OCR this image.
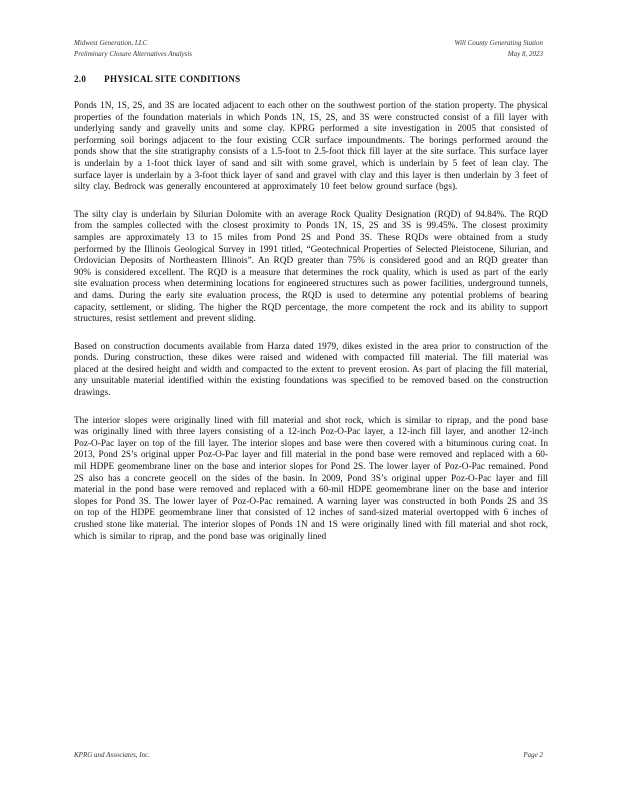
Midwest Generation, LLC
Preliminary Closure Alternatives Analysis
Will County Generating Station
May 8, 2023
2.0 PHYSICAL SITE CONDITIONS

Ponds 1N, 1S, 2S, and 3S are located adjacent to each other on the southwest portion of the station property. The physical properties of the foundation materials in which Ponds 1N, 1S, 2S, and 3S were constructed consist of a fill layer with underlying sandy and gravelly units and some clay. KPRG performed a site investigation in 2005 that consisted of performing soil borings adjacent to the four existing CCR surface impoundments. The borings performed around the ponds show that the site stratigraphy consists of a 1.5-foot to 2.5-foot thick fill layer at the site surface. This surface layer is underlain by a 1-foot thick layer of sand and silt with some gravel, which is underlain by 5 feet of lean clay. The surface layer is underlain by a 3-foot thick layer of sand and gravel with clay and this layer is then underlain by 3 feet of silty clay. Bedrock was generally encountered at approximately 10 feet below ground surface (bgs).

The silty clay is underlain by Silurian Dolomite with an average Rock Quality Designation (RQD) of 94.84%. The RQD from the samples collected with the closest proximity to Ponds 1N, 1S, 2S and 3S is 99.45%. The closest proximity samples are approximately 13 to 15 miles from Pond 2S and Pond 3S. These RQDs were obtained from a study performed by the Illinois Geological Survey in 1991 titled, “Geotechnical Properties of Selected Pleistocene, Silurian, and Ordovician Deposits of Northeastern Illinois”. An RQD greater than 75% is considered good and an RQD greater than 90% is considered excellent. The RQD is a measure that determines the rock quality, which is used as part of the early site evaluation process when determining locations for engineered structures such as power facilities, underground tunnels, and dams. During the early site evaluation process, the RQD is used to determine any potential problems of bearing capacity, settlement, or sliding. The higher the RQD percentage, the more competent the rock and its ability to support structures, resist settlement and prevent sliding.

Based on construction documents available from Harza dated 1979, dikes existed in the area prior to construction of the ponds. During construction, these dikes were raised and widened with compacted fill material. The fill material was placed at the desired height and width and compacted to the extent to prevent erosion. As part of placing the fill material, any unsuitable material identified within the existing foundations was specified to be removed based on the construction drawings.

The interior slopes were originally lined with fill material and shot rock, which is similar to riprap, and the pond base was originally lined with three layers consisting of a 12-inch Poz-O-Pac layer, a 12-inch fill layer, and another 12-inch Poz-O-Pac layer on top of the fill layer. The interior slopes and base were then covered with a bituminous curing coat. In 2013, Pond 2S’s original upper Poz-O-Pac layer and fill material in the pond base were removed and replaced with a 60-mil HDPE geomembrane liner on the base and interior slopes for Pond 2S. The lower layer of Poz-O-Pac remained. Pond 2S also has a concrete geocell on the sides of the basin. In 2009, Pond 3S’s original upper Poz-O-Pac layer and fill material in the pond base were removed and replaced with a 60-mil HDPE geomembrane liner on the base and interior slopes for Pond 3S. The lower layer of Poz-O-Pac remained. A warning layer was constructed in both Ponds 2S and 3S on top of the HDPE geomembrane liner that consisted of 12 inches of sand-sized material overtopped with 6 inches of crushed stone like material. The interior slopes of Ponds 1N and 1S were originally lined with fill material and shot rock, which is similar to riprap, and the pond base was originally lined

KPRG and Associates, Inc.	Page 2
